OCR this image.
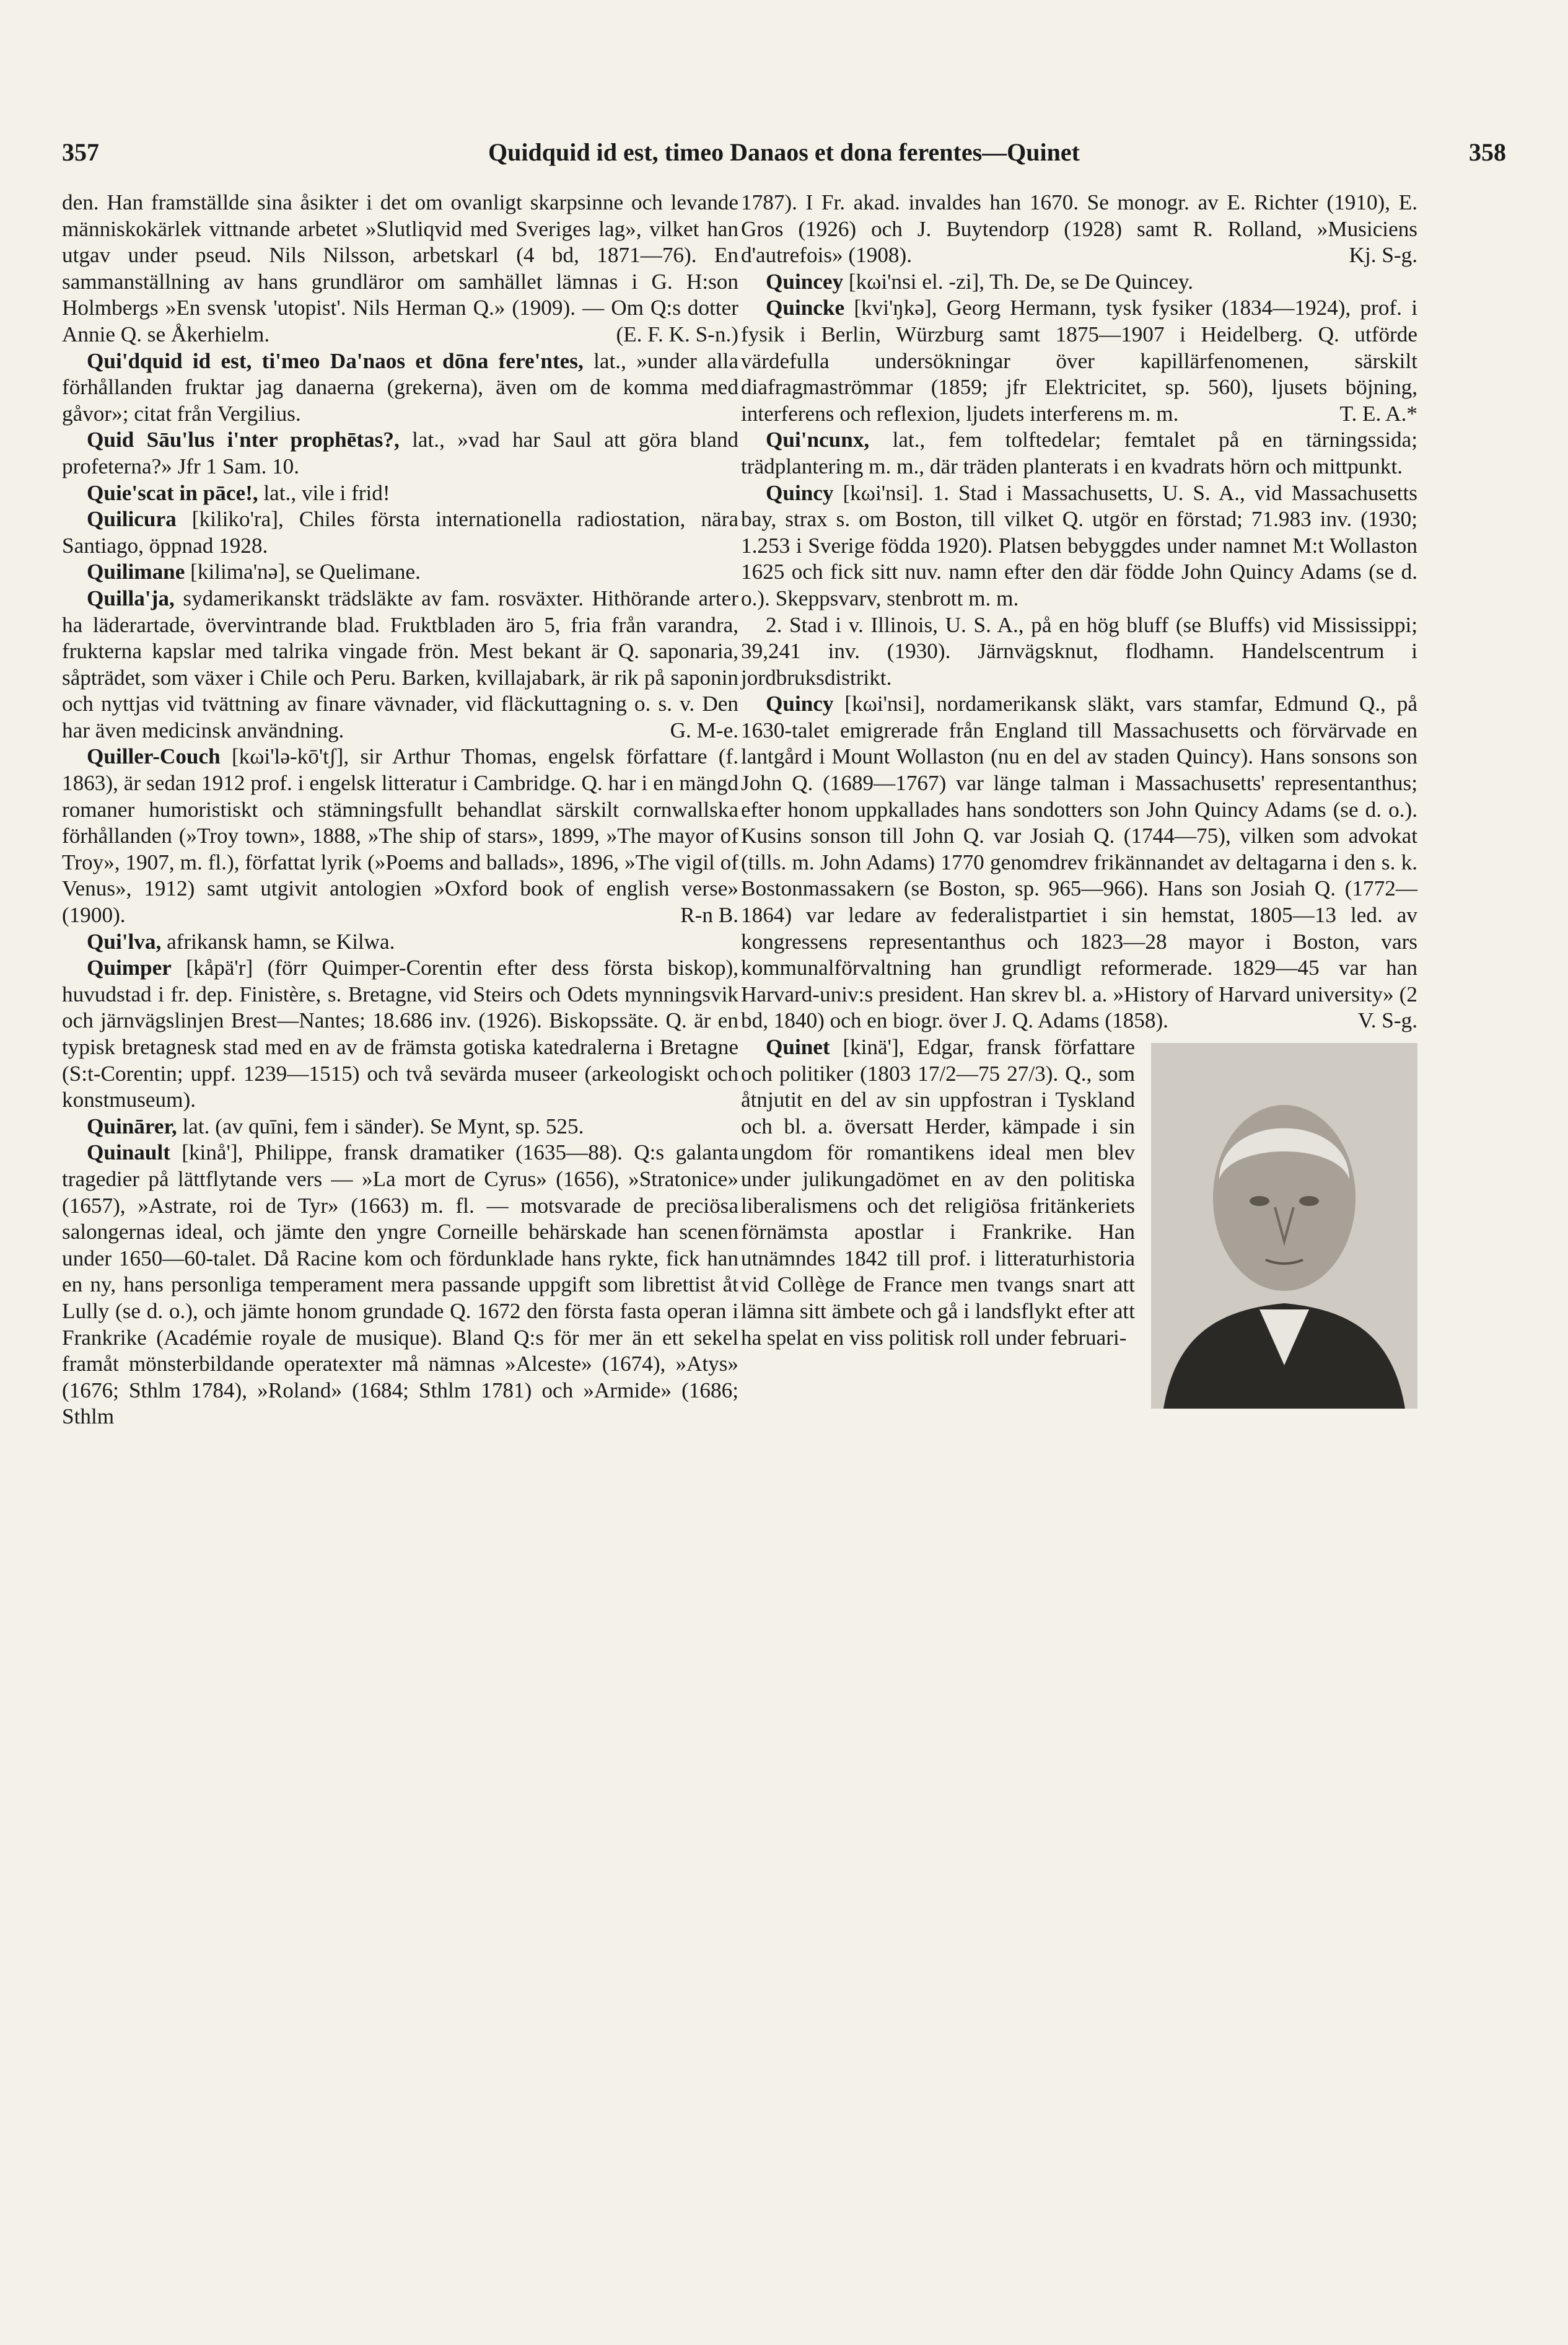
357	Quidquid id est, timeo Danaos et dona ferentes—Quinet	358

den. Han framställde sina åsikter i det om ovanligt skarpsinne och levande människokärlek vittnande arbetet »Slutliqvid med Sveriges lag», vilket han utgav under pseud. Nils Nilsson, arbetskarl (4 bd, 1871—76). En sammanställning av hans grundläror om samhället lämnas i G. H:son Holmbergs »En svensk 'utopist'. Nils Herman Q.» (1909). — Om Q:s dotter Annie Q. se Åkerhielm.	(E. F. K. S-n.)

Qui'dquid id est, ti'meo Da'naos et dōna fere'ntes, lat., »under alla förhållanden fruktar jag danaerna (grekerna), även om de komma med gåvor»; citat från Vergilius.

Quid Sāu'lus i'nter prophētas?, lat., »vad har Saul att göra bland profeterna?» Jfr 1 Sam. 10.

Quie'scat in pāce!, lat., vile i frid!

Quilicura [kiliko'ra], Chiles första internationella radiostation, nära Santiago, öppnad 1928.

Quilimane [kilima'nə], se Quelimane.

Quilla'ja, sydamerikanskt trädsläkte av fam. rosväxter. Hithörande arter ha läderartade, övervintrande blad. Fruktbladen äro 5, fria från varandra, frukterna kapslar med talrika vingade frön. Mest bekant är Q. saponaria, såpträdet, som växer i Chile och Peru. Barken, kvillajabark, är rik på saponin och nyttjas vid tvättning av finare vävnader, vid fläckuttagning o. s. v. Den har även medicinsk användning.	G. M-e.

Quiller-Couch [kωi'lə-kō'tʃ], sir Arthur Thomas, engelsk författare (f. 1863), är sedan 1912 prof. i engelsk litteratur i Cambridge. Q. har i en mängd romaner humoristiskt och stämningsfullt behandlat särskilt cornwallska förhållanden (»Troy town», 1888, »The ship of stars», 1899, »The mayor of Troy», 1907, m. fl.), författat lyrik (»Poems and ballads», 1896, »The vigil of Venus», 1912) samt utgivit antologien »Oxford book of english verse» (1900).	R-n B.

Qui'lva, afrikansk hamn, se Kilwa.

Quimper [kåpä'r] (förr Quimper-Corentin efter dess första biskop), huvudstad i fr. dep. Finistère, s. Bretagne, vid Steirs och Odets mynningsvik och järnvägslinjen Brest—Nantes; 18.686 inv. (1926). Biskopssäte. Q. är en typisk bretagnesk stad med en av de främsta gotiska katedralerna i Bretagne (S:t-Corentin; uppf. 1239—1515) och två sevärda museer (arkeologiskt och konstmuseum).

Quinārer, lat. (av quīni, fem i sänder). Se Mynt, sp. 525.

Quinault [kinå'], Philippe, fransk dramatiker (1635—88). Q:s galanta tragedier på lättflytande vers — »La mort de Cyrus» (1656), »Stratonice» (1657), »Astrate, roi de Tyr» (1663) m. fl. — motsvarade de preciösa salongernas ideal, och jämte den yngre Corneille behärskade han scenen under 1650—60-talet. Då Racine kom och fördunklade hans rykte, fick han en ny, hans personliga temperament mera passande uppgift som librettist åt Lully (se d. o.), och jämte honom grundade Q. 1672 den första fasta operan i Frankrike (Académie royale de musique). Bland Q:s för mer än ett sekel framåt mönsterbildande operatexter må nämnas »Alceste» (1674), »Atys» (1676; Sthlm 1784), »Roland» (1684; Sthlm 1781) och »Armide» (1686; Sthlm

1787). I Fr. akad. invaldes han 1670. Se monogr. av E. Richter (1910), E. Gros (1926) och J. Buytendorp (1928) samt R. Rolland, »Musiciens d'autrefois» (1908).	Kj. S-g.

Quincey [kωi'nsi el. -zi], Th. De, se De Quincey.

Quincke [kvi'ŋkə], Georg Hermann, tysk fysiker (1834—1924), prof. i fysik i Berlin, Würzburg samt 1875—1907 i Heidelberg. Q. utförde värdefulla undersökningar över kapillärfenomenen, särskilt diafragmaströmmar (1859; jfr Elektricitet, sp. 560), ljusets böjning, interferens och reflexion, ljudets interferens m. m.	T. E. A.*

Qui'ncunx, lat., fem tolftedelar; femtalet på en tärningssida; trädplantering m. m., där träden planterats i en kvadrats hörn och mittpunkt.

Quincy [kωi'nsi]. 1. Stad i Massachusetts, U. S. A., vid Massachusetts bay, strax s. om Boston, till vilket Q. utgör en förstad; 71.983 inv. (1930; 1.253 i Sverige födda 1920). Platsen bebyggdes under namnet M:t Wollaston 1625 och fick sitt nuv. namn efter den där födde John Quincy Adams (se d. o.). Skeppsvarv, stenbrott m. m.

2. Stad i v. Illinois, U. S. A., på en hög bluff (se Bluffs) vid Mississippi; 39,241 inv. (1930). Järnvägsknut, flodhamn. Handelscentrum i jordbruksdistrikt.

Quincy [kωi'nsi], nordamerikansk släkt, vars stamfar, Edmund Q., på 1630-talet emigrerade från England till Massachusetts och förvärvade en lantgård i Mount Wollaston (nu en del av staden Quincy). Hans sonsons son John Q. (1689—1767) var länge talman i Massachusetts' representanthus; efter honom uppkallades hans sondotters son John Quincy Adams (se d. o.). Kusins sonson till John Q. var Josiah Q. (1744—75), vilken som advokat (tills. m. John Adams) 1770 genomdrev frikännandet av deltagarna i den s. k. Bostonmassakern (se Boston, sp. 965—966). Hans son Josiah Q. (1772—1864) var ledare av federalistpartiet i sin hemstat, 1805—13 led. av kongressens representanthus och 1823—28 mayor i Boston, vars kommunalförvaltning han grundligt reformerade. 1829—45 var han Harvard-univ:s president. Han skrev bl. a. »History of Harvard university» (2 bd, 1840) och en biogr. över J. Q. Adams (1858).	V. S-g.

Quinet [kinä'], Edgar, fransk författare och politiker (1803 17/2—75 27/3). Q., som åtnjutit en del av sin uppfostran i Tyskland och bl. a. översatt Herder, kämpade i sin ungdom för romantikens ideal men blev under julikungadömet en av den politiska liberalismens och det religiösa fritänkeriets förnämsta apostlar i Frankrike. Han utnämndes 1842 till prof. i litteraturhistoria vid Collège de France men tvangs snart att lämna sitt ämbete och gå i landsflykt efter att ha spelat en viss politisk roll under februari-
